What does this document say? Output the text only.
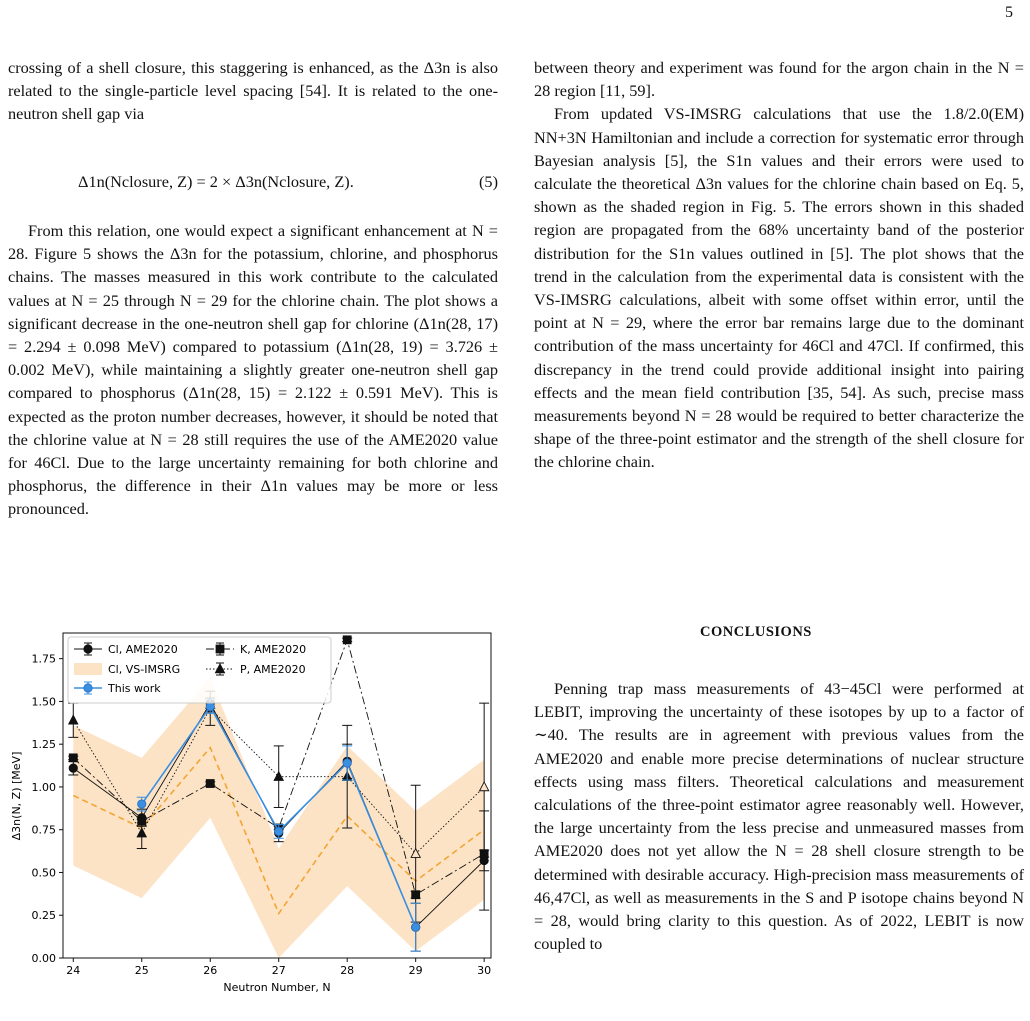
5

crossing of a shell closure, this staggering is enhanced, as the Δ3n is also related to the single-particle level spacing [54]. It is related to the one-neutron shell gap via

Δ1n(Nclosure, Z) = 2 × Δ3n(Nclosure, Z).	(5)

From this relation, one would expect a significant enhancement at N = 28. Figure 5 shows the Δ3n for the potassium, chlorine, and phosphorus chains. The masses measured in this work contribute to the calculated values at N = 25 through N = 29 for the chlorine chain. The plot shows a significant decrease in the one-neutron shell gap for chlorine (Δ1n(28, 17) = 2.294 ± 0.098 MeV) compared to potassium (Δ1n(28, 19) = 3.726 ± 0.002 MeV), while maintaining a slightly greater one-neutron shell gap compared to phosphorus (Δ1n(28, 15) = 2.122 ± 0.591 MeV). This is expected as the proton number decreases, however, it should be noted that the chlorine value at N = 28 still requires the use of the AME2020 value for 46Cl. Due to the large uncertainty remaining for both chlorine and phosphorus, the difference in their Δ1n values may be more or less pronounced.

between theory and experiment was found for the argon chain in the N = 28 region [11, 59].

From updated VS-IMSRG calculations that use the 1.8/2.0(EM) NN+3N Hamiltonian and include a correction for systematic error through Bayesian analysis [5], the S1n values and their errors were used to calculate the theoretical Δ3n values for the chlorine chain based on Eq. 5, shown as the shaded region in Fig. 5. The errors shown in this shaded region are propagated from the 68% uncertainty band of the posterior distribution for the S1n values outlined in [5]. The plot shows that the trend in the calculation from the experimental data is consistent with the VS-IMSRG calculations, albeit with some offset within error, until the point at N = 29, where the error bar remains large due to the dominant contribution of the mass uncertainty for 46Cl and 47Cl. If confirmed, this discrepancy in the trend could provide additional insight into pairing effects and the mean field contribution [35, 54]. As such, precise mass measurements beyond N = 28 would be required to better characterize the shape of the three-point estimator and the strength of the shell closure for the chlorine chain.

CONCLUSIONS

Penning trap mass measurements of 43−45Cl were performed at LEBIT, improving the uncertainty of these isotopes by up to a factor of ∼40. The results are in agreement with previous values from the AME2020 and enable more precise determinations of nuclear structure effects using mass filters. Theoretical calculations and measurement calculations of the three-point estimator agree reasonably well. However, the large uncertainty from the less precise and unmeasured masses from AME2020 does not yet allow the N = 28 shell closure strength to be determined with desirable accuracy. High-precision mass measurements of 46,47Cl, as well as measurements in the S and P isotope chains beyond N = 28, would bring clarity to this question. As of 2022, LEBIT is now coupled to

24	25	26	27	28	29	30
0.00
0.25
0.50
0.75
1.00
1.25
1.50
1.75
Neutron Number, N
Δ3n(N, Z) [MeV]
Cl, AME2020	K, AME2020
Cl, VS-IMSRG	P, AME2020
This work
